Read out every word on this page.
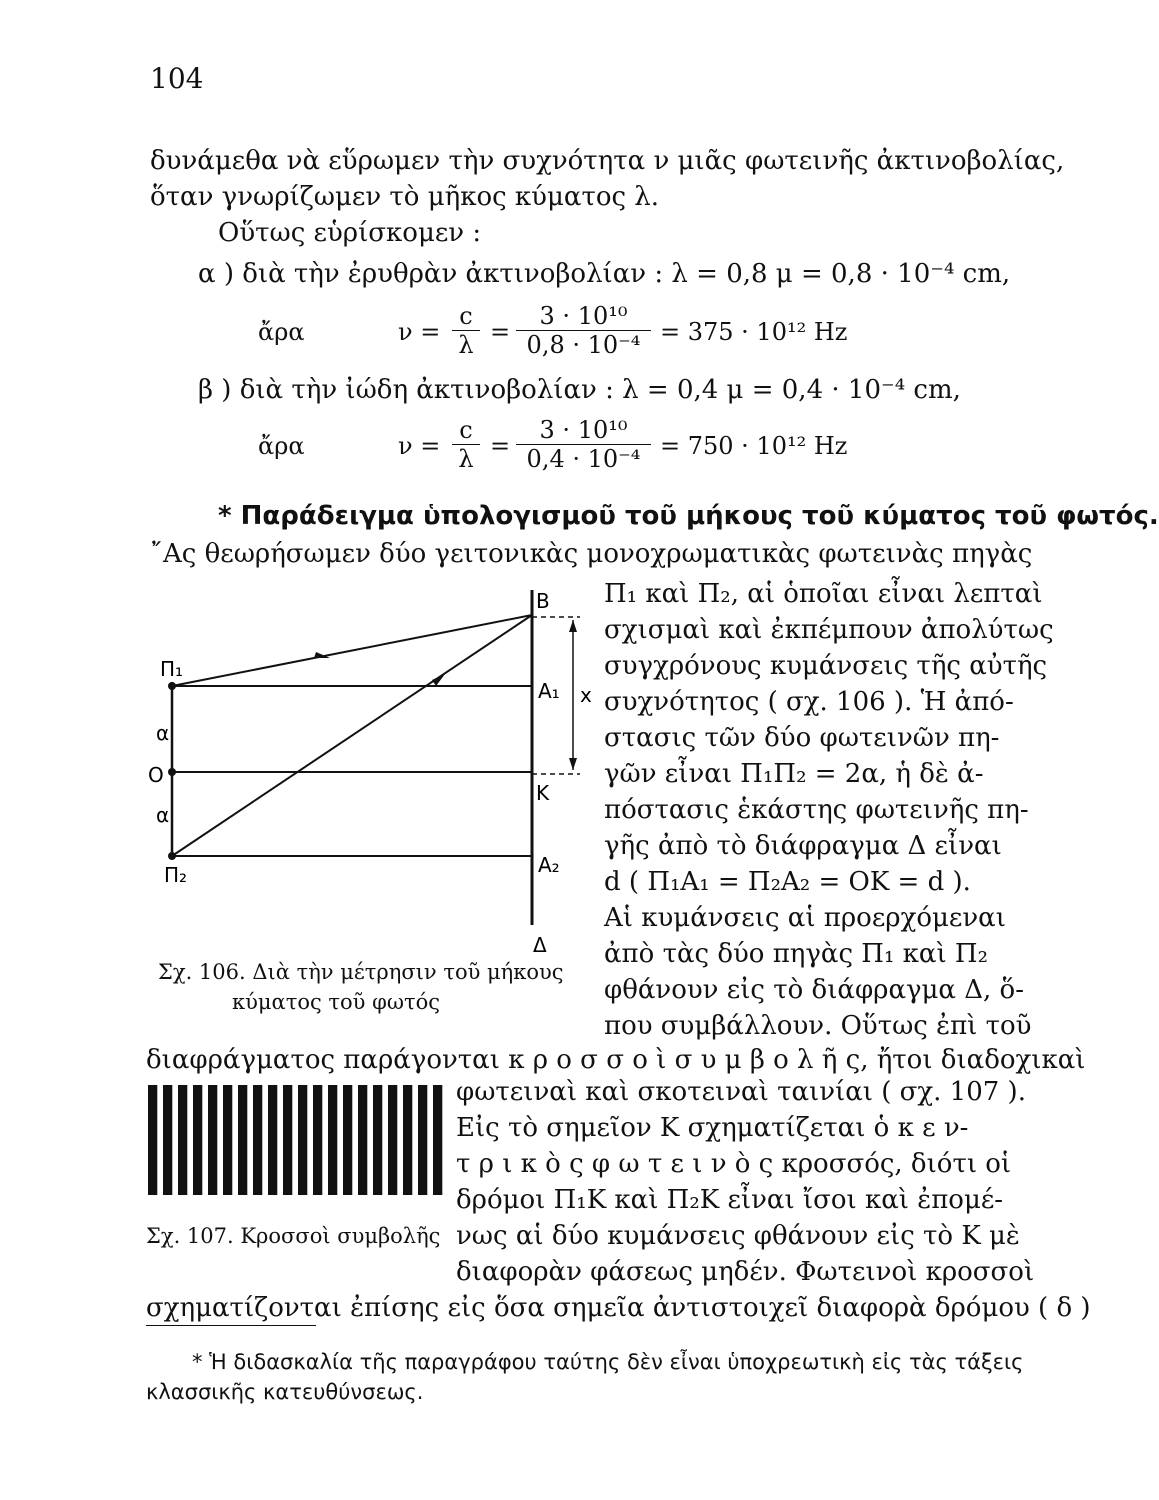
104
δυνάμεθα νὰ εὕρωμεν τὴν συχνότητα ν μιᾶς φωτεινῆς ἀκτινοβολίας,
ὅταν γνωρίζωμεν τὸ μῆκος κύματος λ.
Οὕτως εὑρίσκομεν :
α ) διὰ τὴν ἐρυθρὰν ἀκτινοβολίαν : λ = 0,8 μ = 0,8 · 10⁻⁴ cm,
ἄρα	ν =
c
λ =
3 · 10¹⁰
0,8 · 10⁻⁴ = 375 · 10¹² Hz
β ) διὰ τὴν ἰώδη ἀκτινοβολίαν : λ = 0,4 μ = 0,4 · 10⁻⁴ cm,
ἄρα	ν =
c
λ =
3 · 10¹⁰
0,4 · 10⁻⁴ = 750 · 10¹² Hz
* Παράδειγμα ὑπολογισμοῦ τοῦ μήκους τοῦ κύματος τοῦ φωτός.
῎Ας θεωρήσωμεν δύο γειτονικὰς μονοχρωματικὰς φωτεινὰς πηγὰς
Π₁ καὶ Π₂, αἱ ὁποῖαι εἶναι λεπταὶ
σχισμαὶ καὶ ἐκπέμπουν ἀπολύτως
συγχρόνους κυμάνσεις τῆς αὐτῆς
συχνότητος ( σχ. 106 ). Ἡ ἀπό-
στασις τῶν δύο φωτεινῶν πη-
γῶν εἶναι Π₁Π₂ = 2α, ἡ δὲ ἀ-
πόστασις ἑκάστης φωτεινῆς πη-
γῆς ἀπὸ τὸ διάφραγμα Δ εἶναι
d ( Π₁A₁ = Π₂A₂ = OK = d ).
Αἱ κυμάνσεις αἱ προερχόμεναι
ἀπὸ τὰς δύο πηγὰς Π₁ καὶ Π₂
φθάνουν εἰς τὸ διάφραγμα Δ, ὅ-
που συμβάλλουν. Οὕτως ἐπὶ τοῦ
B
A₁
K
A₂
Δ
x
Π₁
O
α
α
Π₂
Σχ. 106. Διὰ τὴν μέτρησιν τοῦ μήκους
κύματος τοῦ φωτός
διαφράγματος παράγονται κ ρ ο σ σ ο ὶ σ υ μ β ο λ ῆ ς, ἤτοι διαδοχικαὶ
Σχ. 107. Κροσσοὶ συμβολῆς
φωτειναὶ καὶ σκοτειναὶ ταινίαι ( σχ. 107 ).
Εἰς τὸ σημεῖον K σχηματίζεται ὁ κ ε ν-
τ ρ ι κ ὸ ς φ ω τ ε ι ν ὸ ς κροσσός, διότι οἱ
δρόμοι Π₁K καὶ Π₂K εἶναι ἴσοι καὶ ἐπομέ-
νως αἱ δύο κυμάνσεις φθάνουν εἰς τὸ K μὲ
διαφορὰν φάσεως μηδέν. Φωτεινοὶ κροσσοὶ
σχηματίζονται ἐπίσης εἰς ὅσα σημεῖα ἀντιστοιχεῖ διαφορὰ δρόμου ( δ )
* Ἡ διδασκαλία τῆς παραγράφου ταύτης δὲν εἶναι ὑποχρεωτικὴ εἰς τὰς τάξεις
κλασσικῆς κατευθύνσεως.
